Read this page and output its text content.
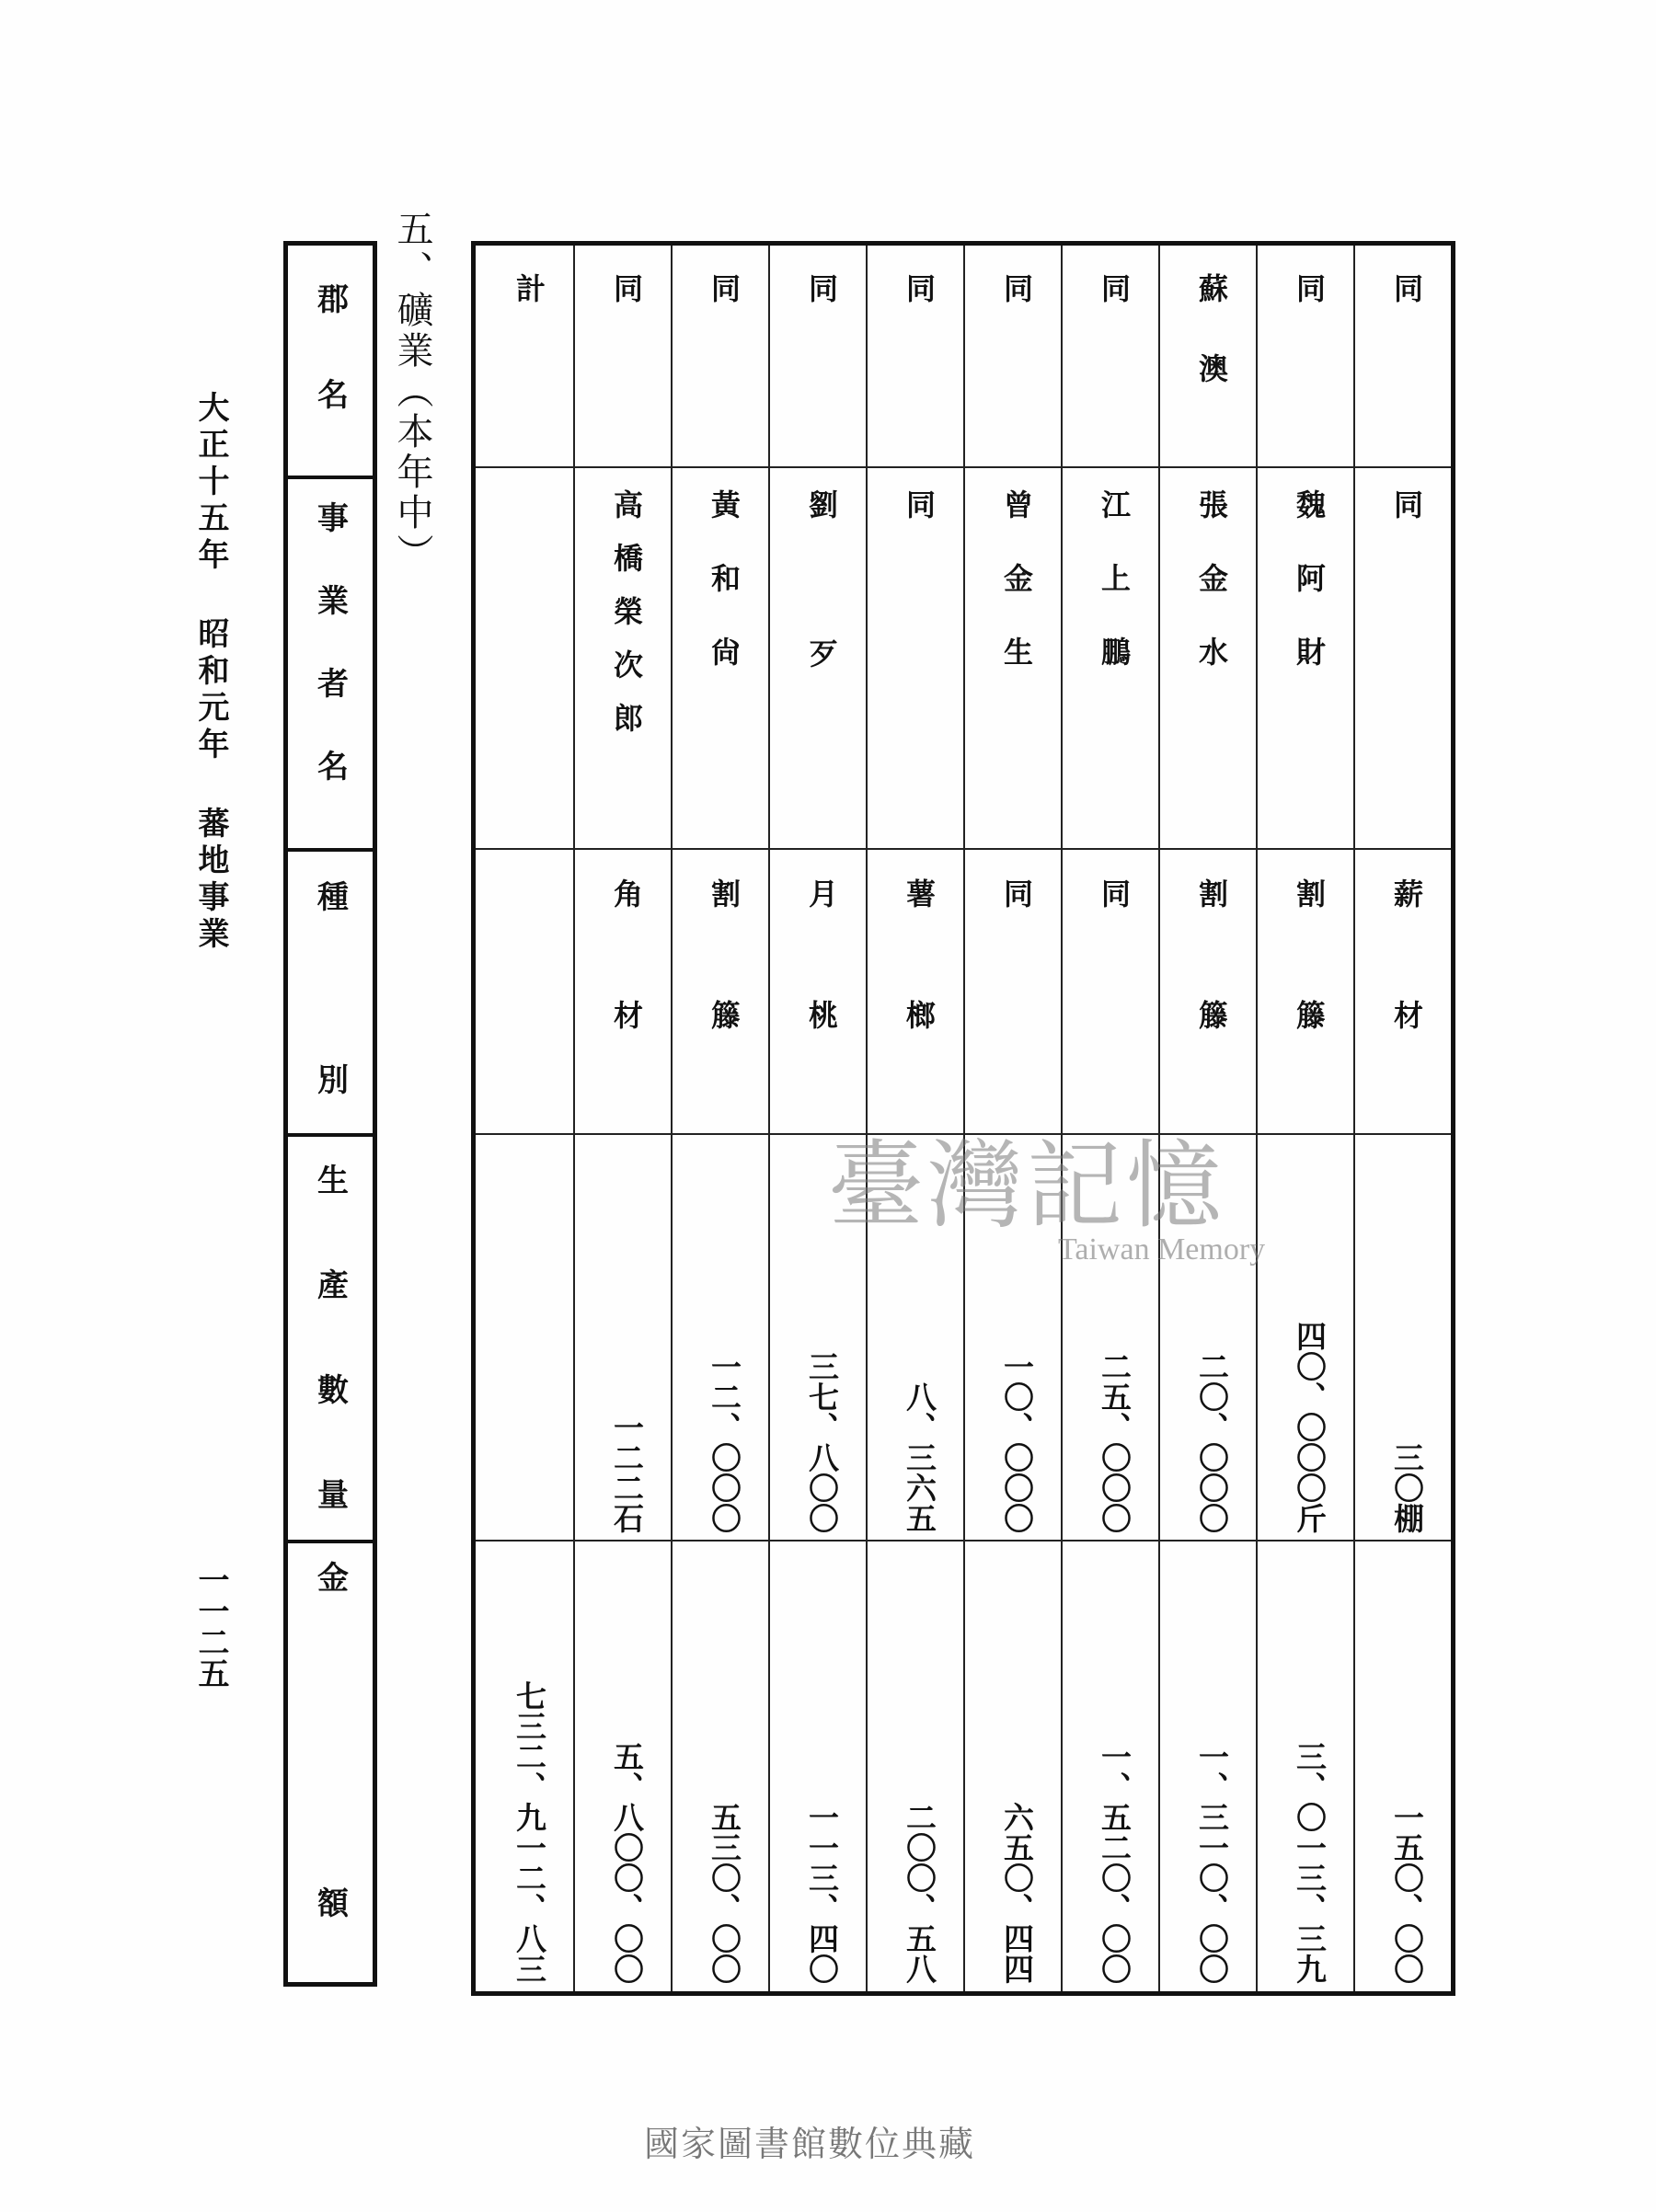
大正十五年 昭和元年 蕃地事業
一一二五
郡名
事業者名
種別
生產數量
金額
五、礦業（本年中）	同
同
薪材
三〇棚
一五〇、〇〇
同
魏阿財
割籐
四〇、〇〇〇斤
三、〇一三、三九
蘇澳
張金水
割籐
二〇、〇〇〇
一、三一〇、〇〇
同
江上鵬
同
二五、〇〇〇
一、五二〇、〇〇
同
曾金生
同
一〇、〇〇〇
六五〇、四四
同
同
薯榔
八、三六五
二〇〇、五八
同
劉歹
月桃
三七、八〇〇
一一三、四〇
同
黃和尙
割籐
一二、〇〇〇
五三〇、〇〇
同
高橋榮次郎
角材
一二二石
五、八〇〇、〇〇
計
七三二、九一二、八三
臺灣記憶
Taiwan Memory
國家圖書館數位典藏
